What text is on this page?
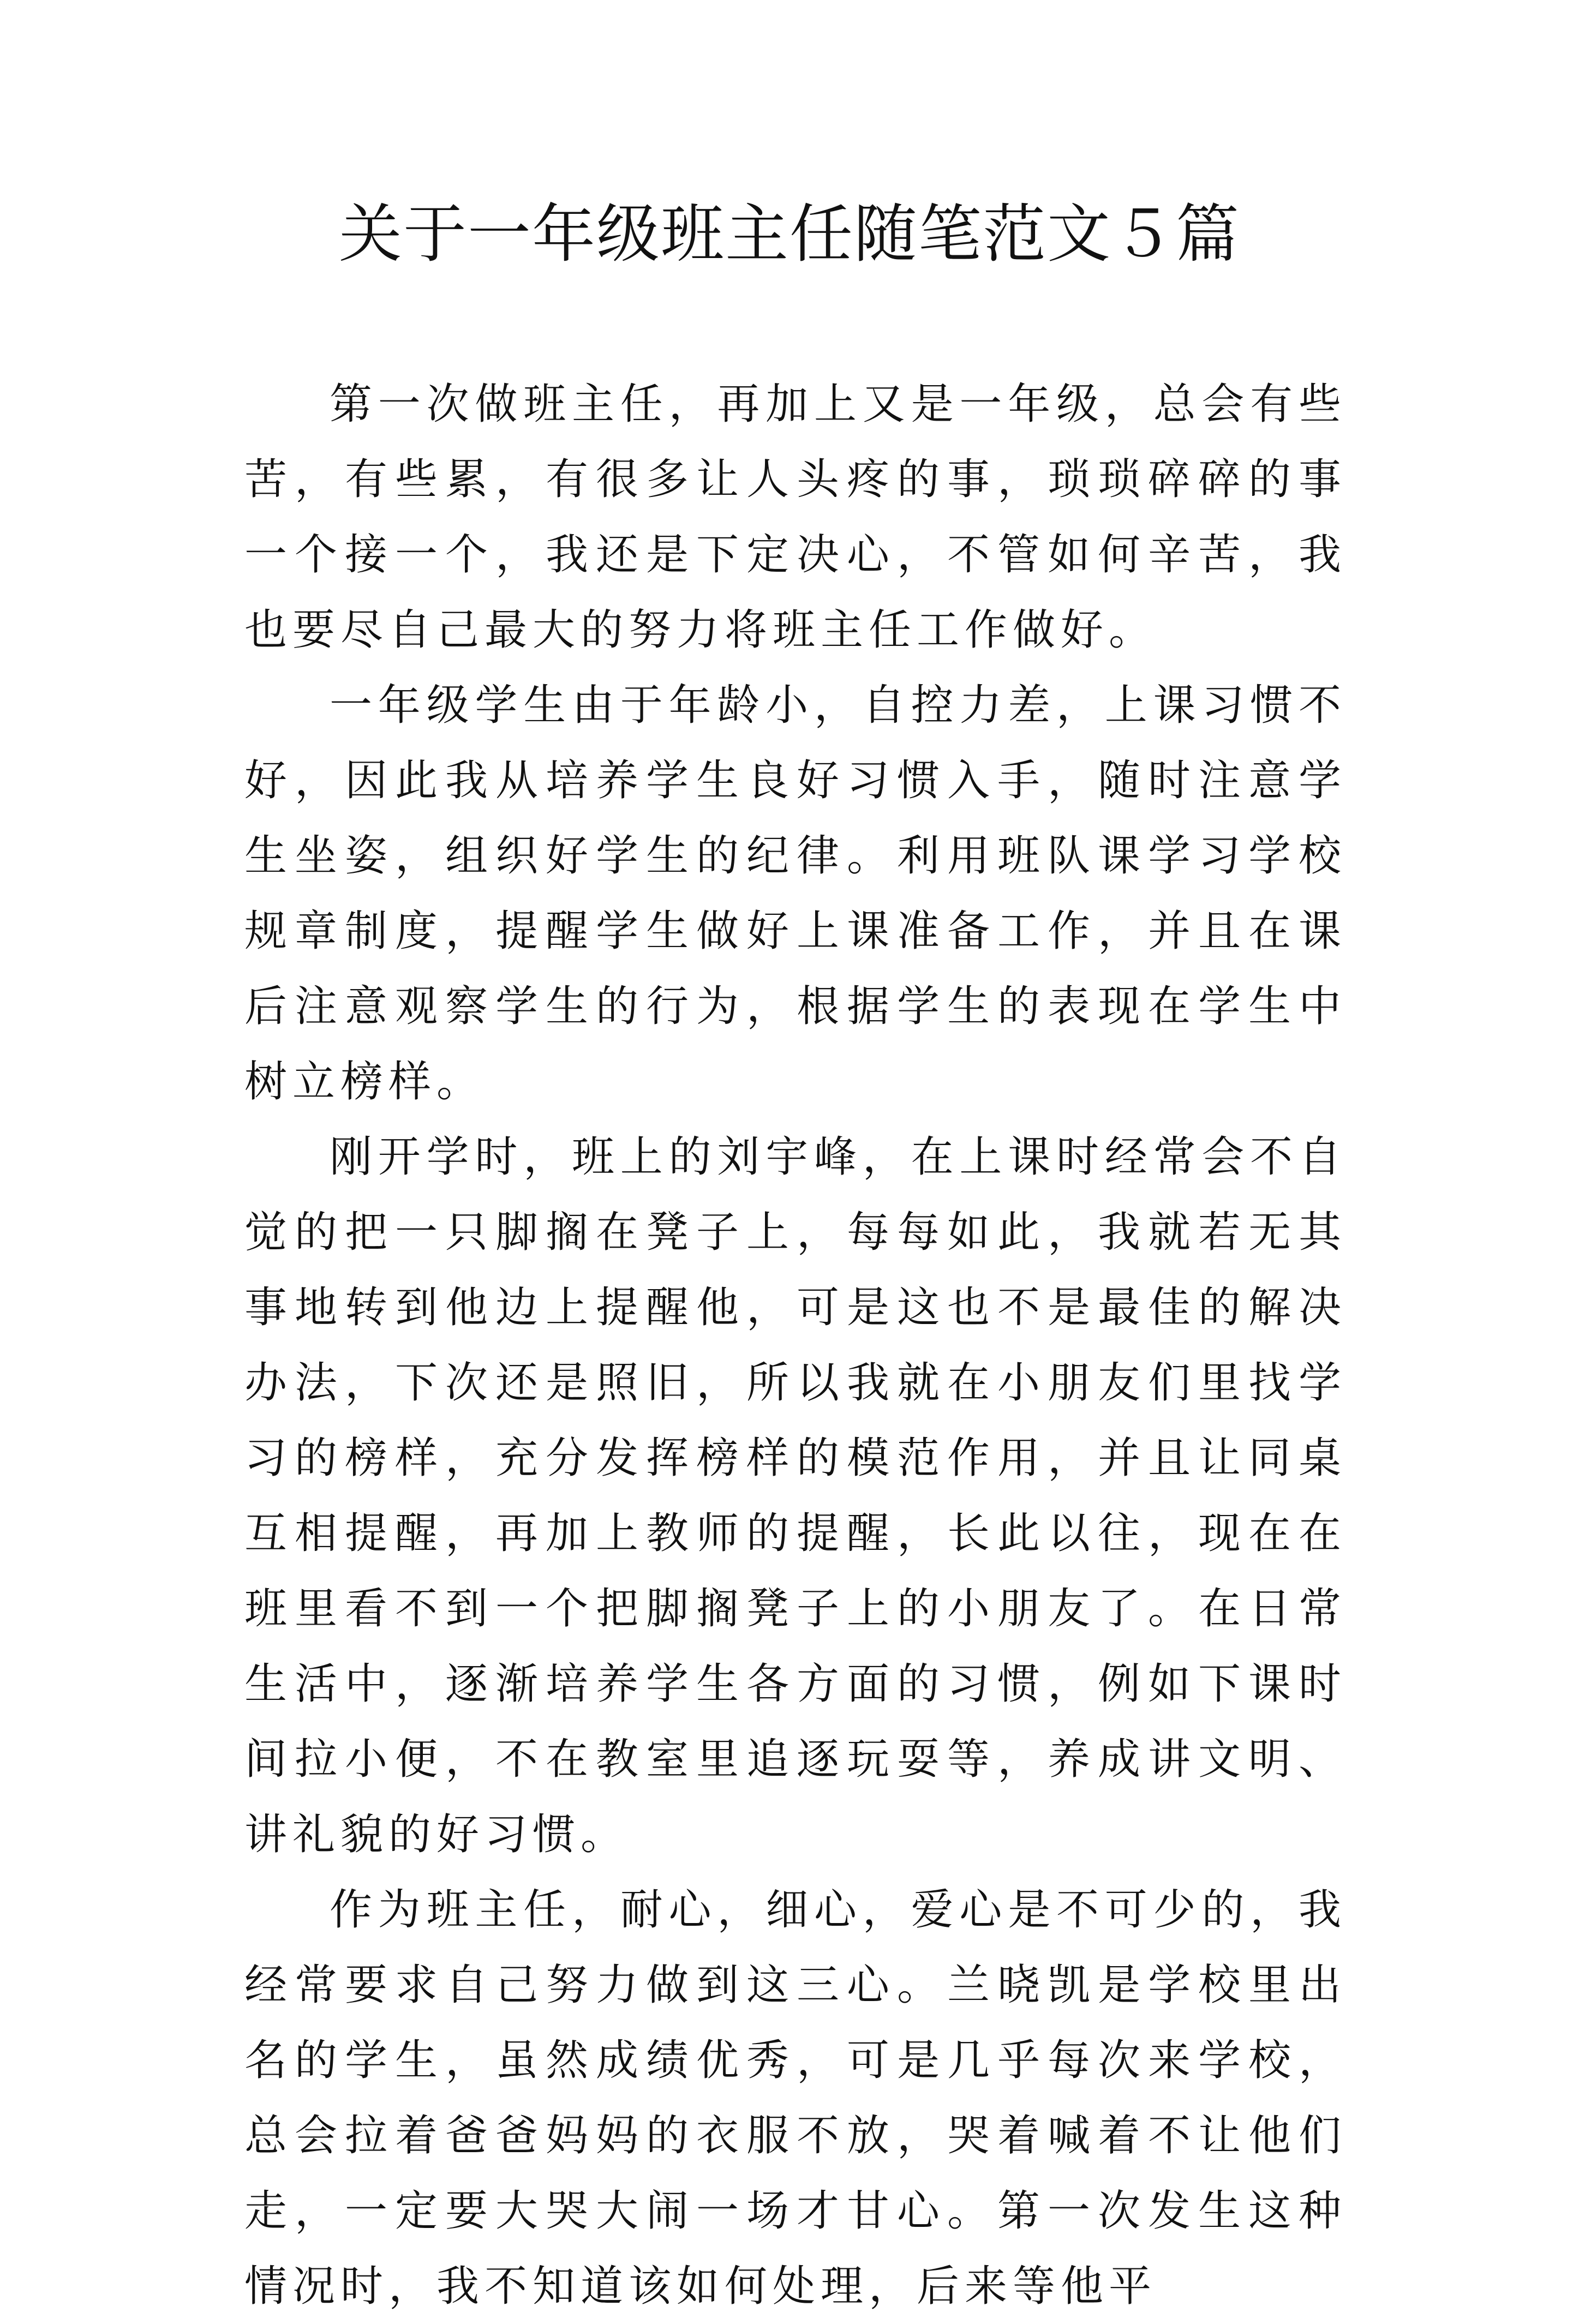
关于一年级班主任随笔范文５篇

第一次做班主任，再加上又是一年级，总会有些苦，有些累，有很多让人头疼的事，琐琐碎碎的事一个接一个，我还是下定决心，不管如何辛苦，我也要尽自己最大的努力将班主任工作做好。

一年级学生由于年龄小，自控力差，上课习惯不好，因此我从培养学生良好习惯入手，随时注意学生坐姿，组织好学生的纪律。利用班队课学习学校规章制度，提醒学生做好上课准备工作，并且在课后注意观察学生的行为，根据学生的表现在学生中树立榜样。

刚开学时，班上的刘宇峰，在上课时经常会不自觉的把一只脚搁在凳子上，每每如此，我就若无其事地转到他边上提醒他，可是这也不是最佳的解决办法，下次还是照旧，所以我就在小朋友们里找学习的榜样，充分发挥榜样的模范作用，并且让同桌互相提醒，再加上教师的提醒，长此以往，现在在班里看不到一个把脚搁凳子上的小朋友了。在日常生活中，逐渐培养学生各方面的习惯，例如下课时间拉小便，不在教室里追逐玩耍等，养成讲文明、讲礼貌的好习惯。

作为班主任，耐心，细心，爱心是不可少的，我经常要求自己努力做到这三心。兰晓凯是学校里出名的学生，虽然成绩优秀，可是几乎每次来学校，总会拉着爸爸妈妈的衣服不放，哭着喊着不让他们走，一定要大哭大闹一场才甘心。第一次发生这种情况时，我不知道该如何处理，后来等他平
